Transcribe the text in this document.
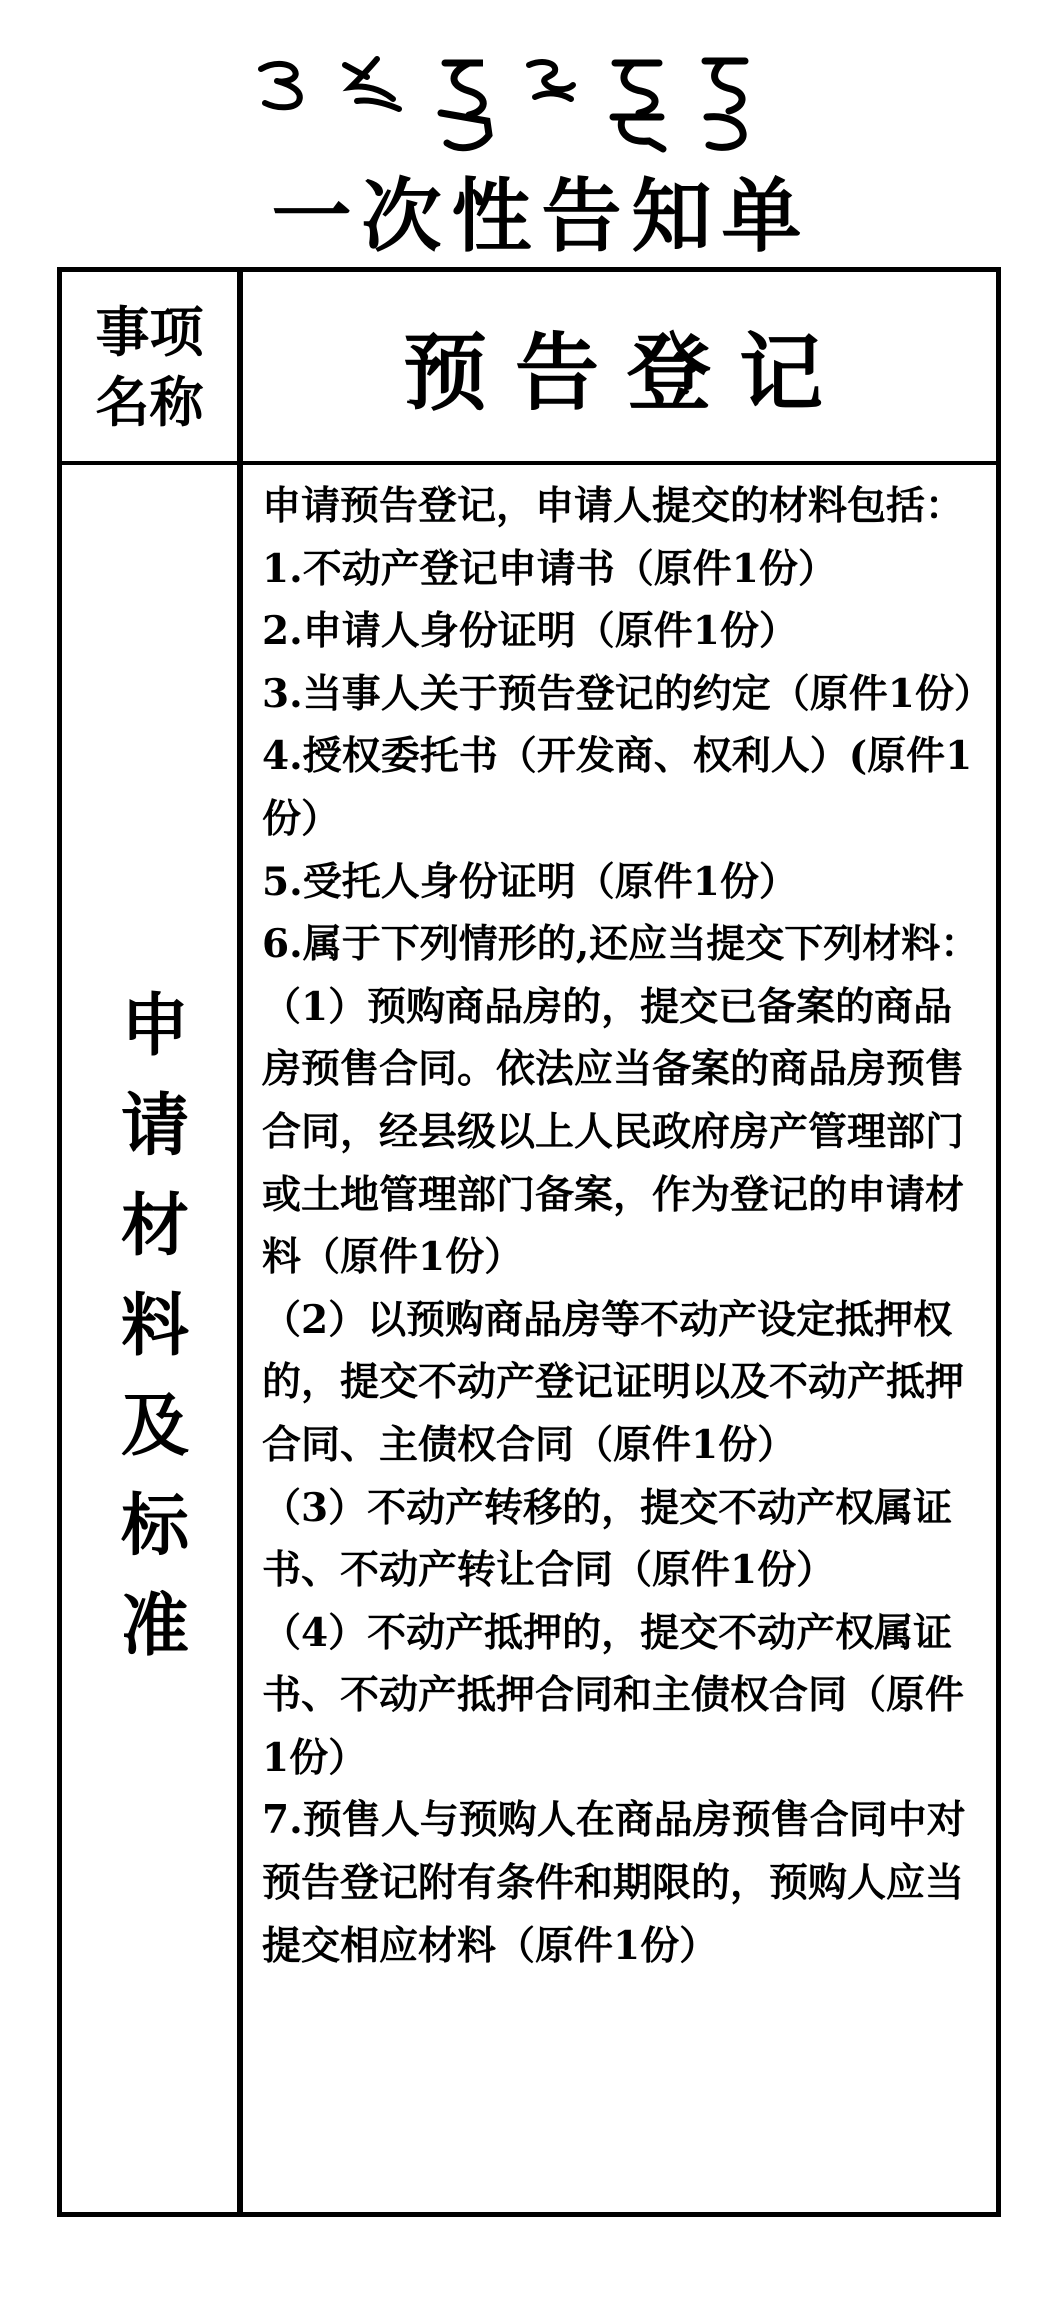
一次性告知单
事项
名称	预告登记
申请材料及标准

申请预告登记，申请人提交的材料包括：

1.不动产登记申请书（原件1份）

2.申请人身份证明（原件1份）

3.当事人关于预告登记的约定（原件1份）

4.授权委托书（开发商、权利人）(原件1份）

5.受托人身份证明（原件1份）

6.属于下列情形的,还应当提交下列材料：

（1）预购商品房的，提交已备案的商品房预售合同。依法应当备案的商品房预售合同，经县级以上人民政府房产管理部门或土地管理部门备案，作为登记的申请材料（原件1份）

（2）以预购商品房等不动产设定抵押权的，提交不动产登记证明以及不动产抵押合同、主债权合同（原件1份）

（3）不动产转移的，提交不动产权属证书、不动产转让合同（原件1份）

（4）不动产抵押的，提交不动产权属证书、不动产抵押合同和主债权合同（原件1份）

7.预售人与预购人在商品房预售合同中对预告登记附有条件和期限的，预购人应当提交相应材料（原件1份）
